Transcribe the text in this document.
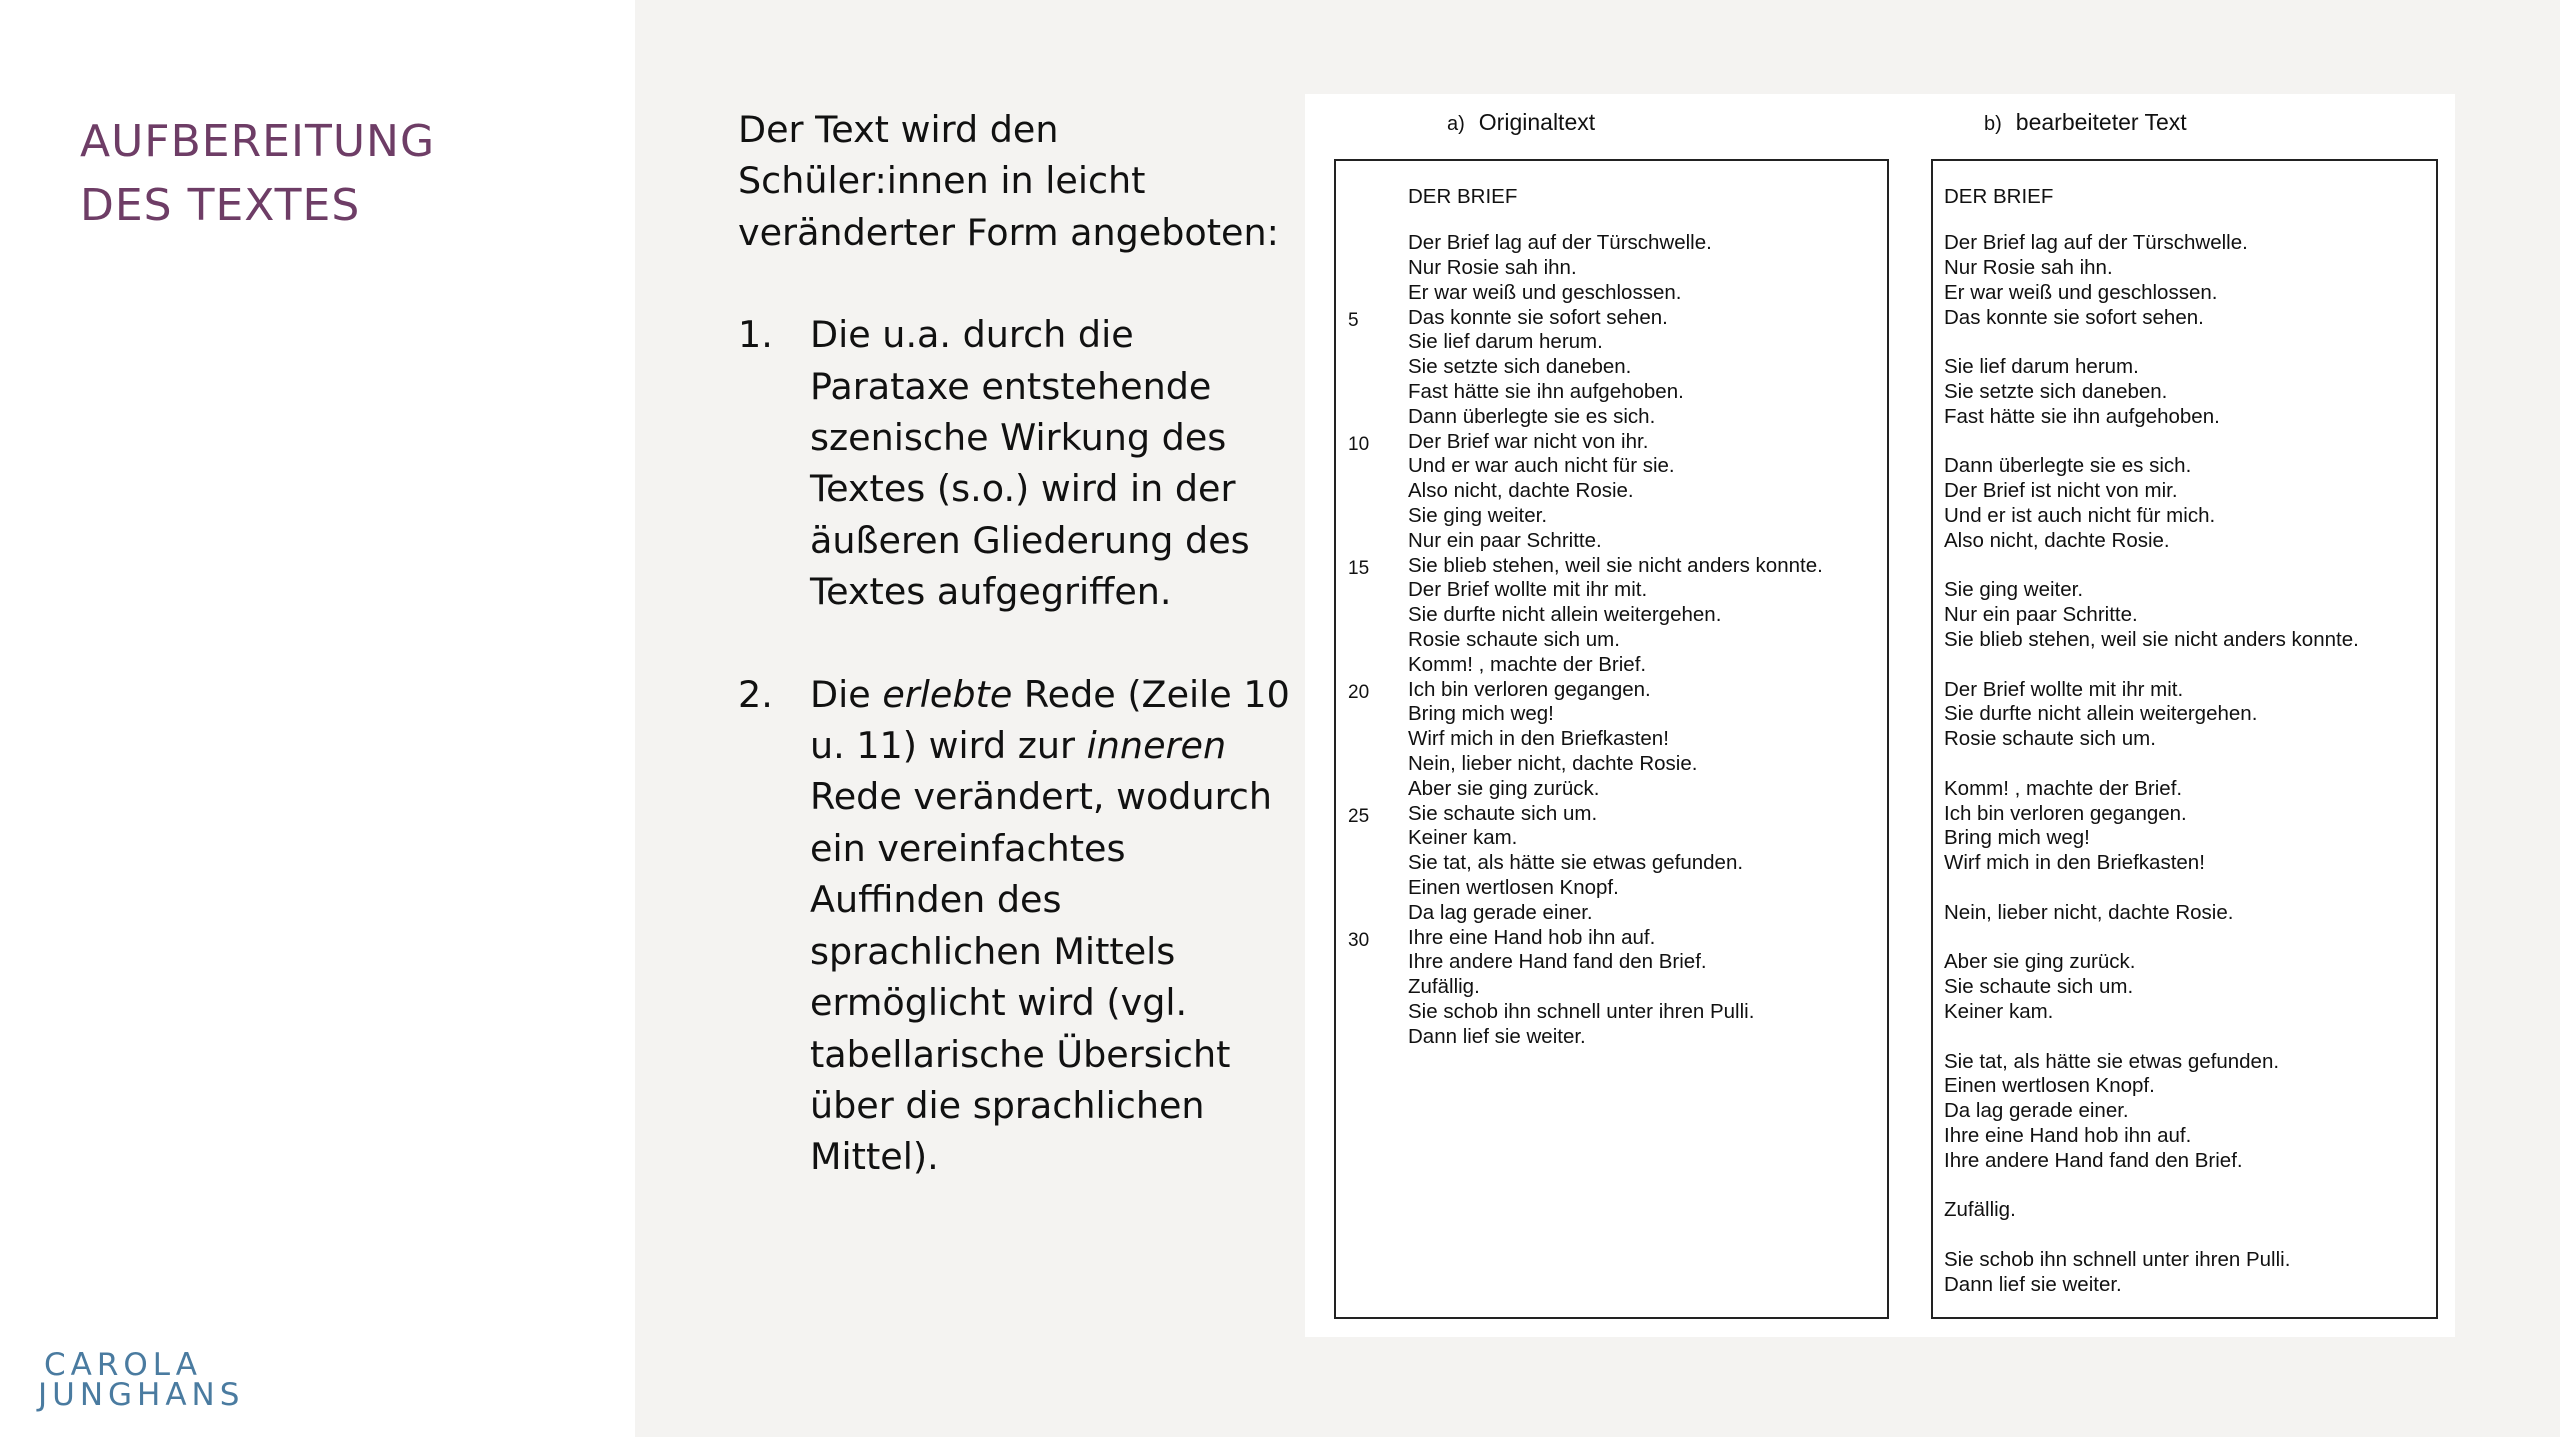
AUFBEREITUNG
DES TEXTES
CAROLA
JUNGHANS

Der Text wird den Schüler:innen in leicht veränderter Form angeboten:

1.	Die u.a. durch die Parataxe entstehende szenische Wirkung des Textes (s.o.) wird in der äußeren Gliederung des Textes aufgegriffen.
2.	Die erlebte Rede (Zeile 10 u. 11) wird zur inneren Rede verändert, wodurch ein vereinfachtes Auffinden des sprachlichen Mittels ermöglicht wird (vgl. tabellarische Übersicht über die sprachlichen Mittel).
a) Originaltext	b) bearbeiteter Text
DER BRIEF
Der Brief lag auf der Türschwelle.
Nur Rosie sah ihn.
Er war weiß und geschlossen.
5 Das konnte sie sofort sehen.
Sie lief darum herum.
Sie setzte sich daneben.
Fast hätte sie ihn aufgehoben.
Dann überlegte sie es sich.
10 Der Brief war nicht von ihr.
Und er war auch nicht für sie.
Also nicht, dachte Rosie.
Sie ging weiter.
Nur ein paar Schritte.
15 Sie blieb stehen, weil sie nicht anders konnte.
Der Brief wollte mit ihr mit.
Sie durfte nicht allein weitergehen.
Rosie schaute sich um.
Komm! , machte der Brief.
20 Ich bin verloren gegangen.
Bring mich weg!
Wirf mich in den Briefkasten!
Nein, lieber nicht, dachte Rosie.
Aber sie ging zurück.
25 Sie schaute sich um.
Keiner kam.
Sie tat, als hätte sie etwas gefunden.
Einen wertlosen Knopf.
Da lag gerade einer.
30 Ihre eine Hand hob ihn auf.
Ihre andere Hand fand den Brief.
Zufällig.
Sie schob ihn schnell unter ihren Pulli.
Dann lief sie weiter.
DER BRIEF
Der Brief lag auf der Türschwelle.
Nur Rosie sah ihn.
Er war weiß und geschlossen.
Das konnte sie sofort sehen.
Sie lief darum herum.
Sie setzte sich daneben.
Fast hätte sie ihn aufgehoben.
Dann überlegte sie es sich.
Der Brief ist nicht von mir.
Und er ist auch nicht für mich.
Also nicht, dachte Rosie.
Sie ging weiter.
Nur ein paar Schritte.
Sie blieb stehen, weil sie nicht anders konnte.
Der Brief wollte mit ihr mit.
Sie durfte nicht allein weitergehen.
Rosie schaute sich um.
Komm! , machte der Brief.
Ich bin verloren gegangen.
Bring mich weg!
Wirf mich in den Briefkasten!
Nein, lieber nicht, dachte Rosie.
Aber sie ging zurück.
Sie schaute sich um.
Keiner kam.
Sie tat, als hätte sie etwas gefunden.
Einen wertlosen Knopf.
Da lag gerade einer.
Ihre eine Hand hob ihn auf.
Ihre andere Hand fand den Brief.
Zufällig.
Sie schob ihn schnell unter ihren Pulli.
Dann lief sie weiter.
